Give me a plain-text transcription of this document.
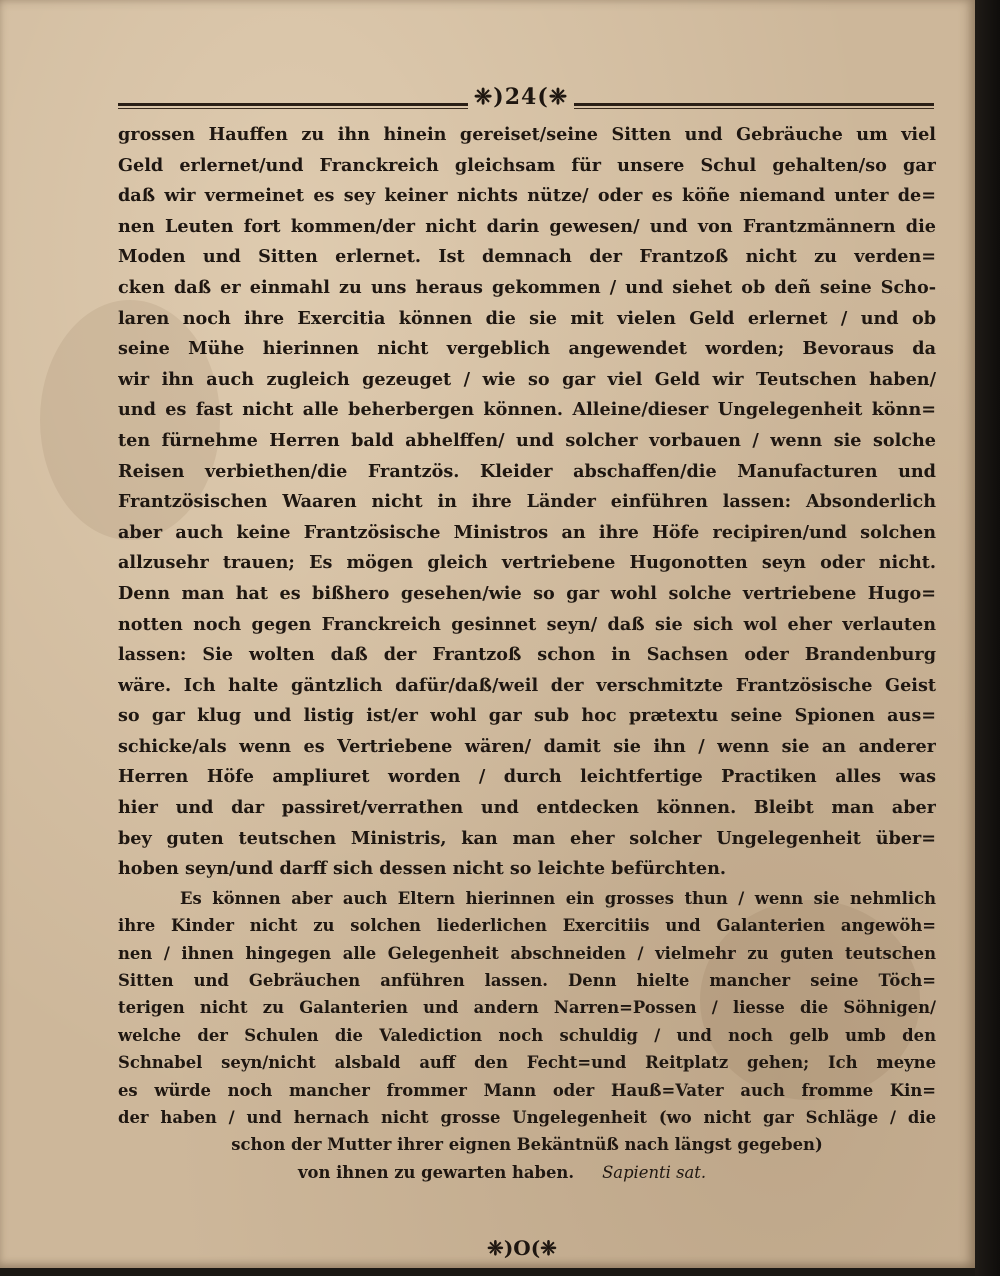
❈)24(❈
grossen Hauffen zu ihn hinein gereiset/seine Sitten und Gebräuche um viel
Geld erlernet/und Franckreich gleichsam für unsere Schul gehalten/so gar
daß wir vermeinet es sey keiner nichts nütze/ oder es köñe niemand unter de=
nen Leuten fort kommen/der nicht darin gewesen/ und von Frantzmännern die
Moden und Sitten erlernet. Ist demnach der Frantzoß nicht zu verden=
cken daß er einmahl zu uns heraus gekommen / und siehet ob deñ seine Scho-
laren noch ihre Exercitia können die sie mit vielen Geld erlernet / und ob
seine Mühe hierinnen nicht vergeblich angewendet worden; Bevoraus da
wir ihn auch zugleich gezeuget / wie so gar viel Geld wir Teutschen haben/
und es fast nicht alle beherbergen können. Alleine/dieser Ungelegenheit könn=
ten fürnehme Herren bald abhelffen/ und solcher vorbauen / wenn sie solche
Reisen verbiethen/die Frantzös. Kleider abschaffen/die Manufacturen und
Frantzösischen Waaren nicht in ihre Länder einführen lassen: Absonderlich
aber auch keine Frantzösische Ministros an ihre Höfe recipiren/und solchen
allzusehr trauen; Es mögen gleich vertriebene Hugonotten seyn oder nicht.
Denn man hat es bißhero gesehen/wie so gar wohl solche vertriebene Hugo=
notten noch gegen Franckreich gesinnet seyn/ daß sie sich wol eher verlauten
lassen: Sie wolten daß der Frantzoß schon in Sachsen oder Brandenburg
wäre. Ich halte gäntzlich dafür/daß/weil der verschmitzte Frantzösische Geist
so gar klug und listig ist/er wohl gar sub hoc prætextu seine Spionen aus=
schicke/als wenn es Vertriebene wären/ damit sie ihn / wenn sie an anderer
Herren Höfe ampliuret worden / durch leichtfertige Practiken alles was
hier und dar passiret/verrathen und entdecken können. Bleibt man aber
bey guten teutschen Ministris, kan man eher solcher Ungelegenheit über=
hoben seyn/und darff sich dessen nicht so leichte befürchten.
Es können aber auch Eltern hierinnen ein grosses thun / wenn sie nehmlich
ihre Kinder nicht zu solchen liederlichen Exercitiis und Galanterien angewöh=
nen / ihnen hingegen alle Gelegenheit abschneiden / vielmehr zu guten teutschen
Sitten und Gebräuchen anführen lassen. Denn hielte mancher seine Töch=
terigen nicht zu Galanterien und andern Narren=Possen / liesse die Söhnigen/
welche der Schulen die Valediction noch schuldig / und noch gelb umb den
Schnabel seyn/nicht alsbald auff den Fecht=und Reitplatz gehen; Ich meyne
es würde noch mancher frommer Mann oder Hauß=Vater auch fromme Kin=
der haben / und hernach nicht grosse Ungelegenheit (wo nicht gar Schläge / die
schon der Mutter ihrer eignen Bekäntnüß nach längst gegeben)
von ihnen zu gewarten haben. Sapienti sat.
❈)O(❈
